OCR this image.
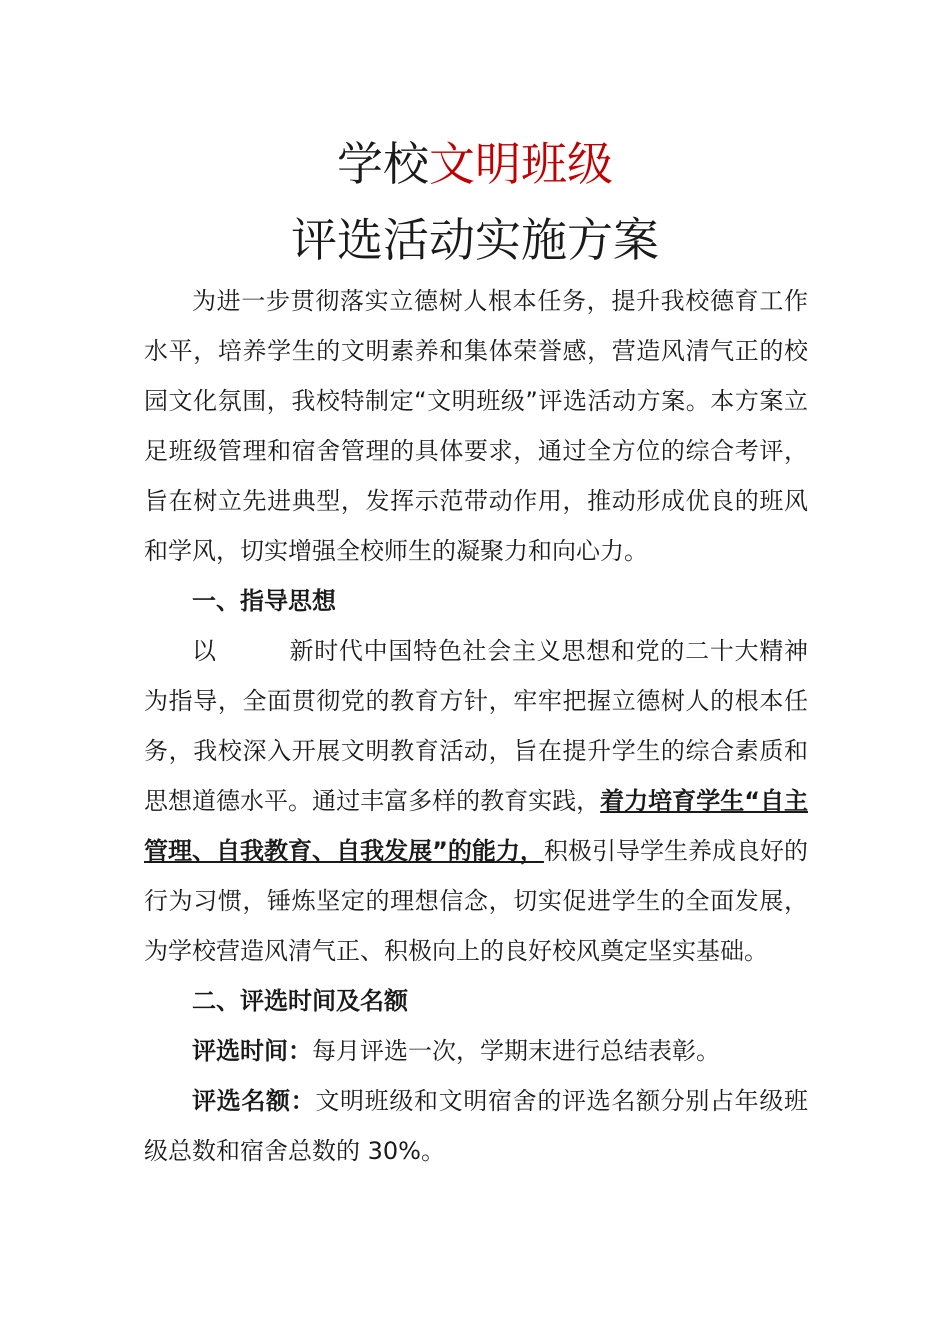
学校文明班级
评选活动实施方案

为进一步贯彻落实立德树人根本任务，提升我校德育工作水平，培养学生的文明素养和集体荣誉感，营造风清气正的校园文化氛围，我校特制定“文明班级”评选活动方案。本方案立足班级管理和宿舍管理的具体要求，通过全方位的综合考评，旨在树立先进典型，发挥示范带动作用，推动形成优良的班风和学风，切实增强全校师生的凝聚力和向心力。

一、指导思想

以	新时代中国特色社会主义思想和党的二十大精神为指导，全面贯彻党的教育方针，牢牢把握立德树人的根本任务，我校深入开展文明教育活动，旨在提升学生的综合素质和思想道德水平。通过丰富多样的教育实践，着力培育学生“自主管理、自我教育、自我发展”的能力，积极引导学生养成良好的行为习惯，锤炼坚定的理想信念，切实促进学生的全面发展，为学校营造风清气正、积极向上的良好校风奠定坚实基础。

二、评选时间及名额

评选时间：每月评选一次，学期末进行总结表彰。

评选名额：文明班级和文明宿舍的评选名额分别占年级班级总数和宿舍总数的 30%。
